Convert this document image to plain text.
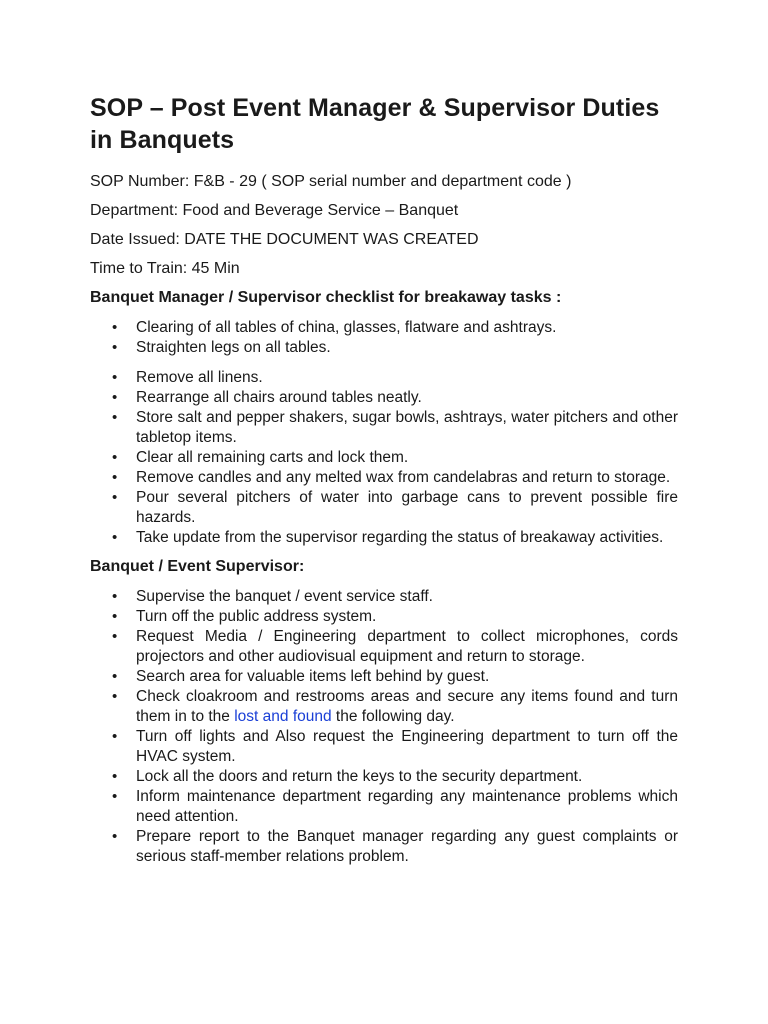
SOP – Post Event Manager & Supervisor Duties in Banquets

SOP Number: F&B - 29 ( SOP serial number and department code )

Department: Food and Beverage Service – Banquet

Date Issued: DATE THE DOCUMENT WAS CREATED

Time to Train: 45 Min

Banquet Manager / Supervisor checklist for breakaway tasks :
• Clearing of all tables of china, glasses, flatware and ashtrays.
• Straighten legs on all tables.
• Remove all linens.
• Rearrange all chairs around tables neatly.
• Store salt and pepper shakers, sugar bowls, ashtrays, water pitchers and other tabletop items.
• Clear all remaining carts and lock them.
• Remove candles and any melted wax from candelabras and return to storage.
• Pour several pitchers of water into garbage cans to prevent possible fire hazards.
• Take update from the supervisor regarding the status of breakaway activities.
Banquet / Event Supervisor:
• Supervise the banquet / event service staff.
• Turn off the public address system.
• Request Media / Engineering department to collect microphones, cords projectors and other audiovisual equipment and return to storage.
• Search area for valuable items left behind by guest.
• Check cloakroom and restrooms areas and secure any items found and turn them in to the lost and found the following day.
• Turn off lights and Also request the Engineering department to turn off the HVAC system.
• Lock all the doors and return the keys to the security department.
• Inform maintenance department regarding any maintenance problems which need attention.
• Prepare report to the Banquet manager regarding any guest complaints or serious staff-member relations problem.
